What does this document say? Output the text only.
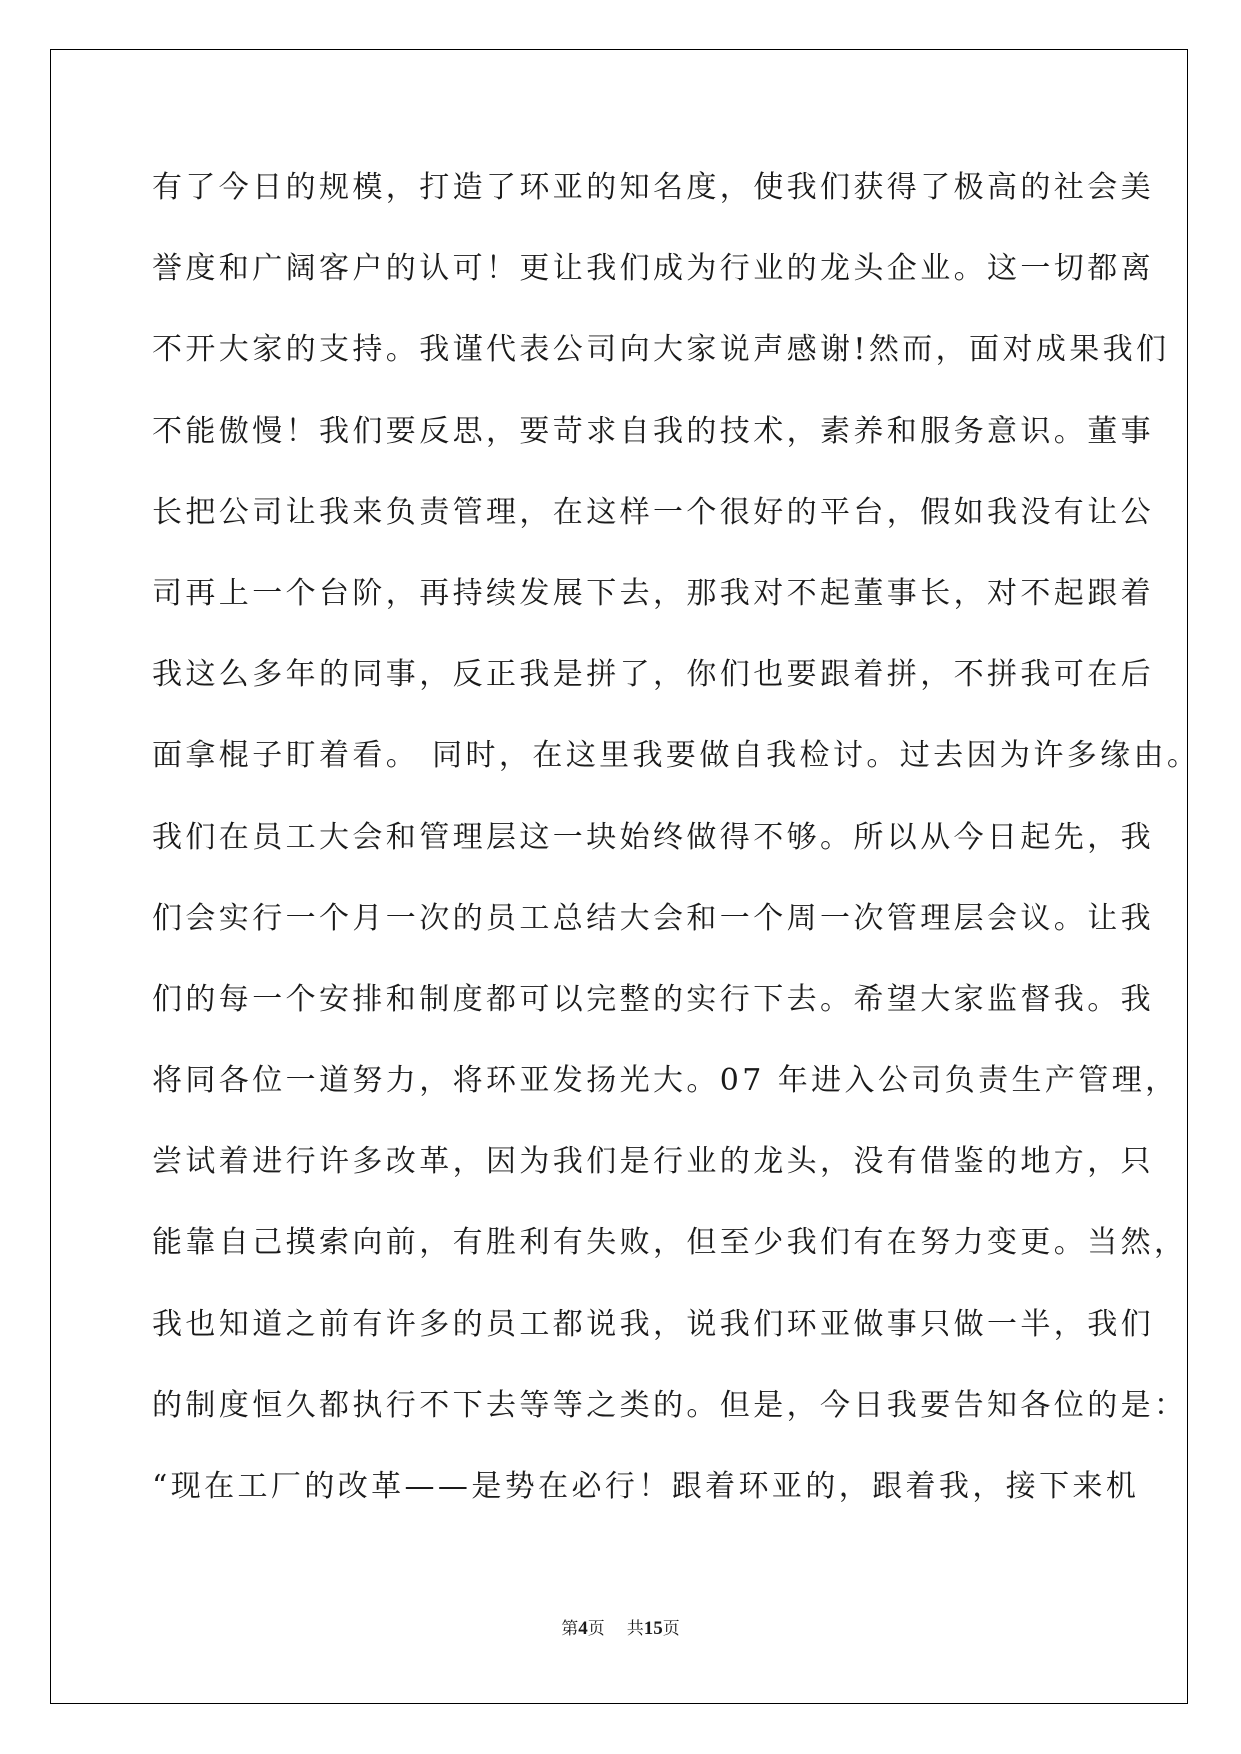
有了今日的规模，打造了环亚的知名度，使我们获得了极高的社会美
誉度和广阔客户的认可！更让我们成为行业的龙头企业。这一切都离
不开大家的支持。我谨代表公司向大家说声感谢!然而，面对成果我们
不能傲慢！我们要反思，要苛求自我的技术，素养和服务意识。董事
长把公司让我来负责管理，在这样一个很好的平台，假如我没有让公
司再上一个台阶，再持续发展下去，那我对不起董事长，对不起跟着
我这么多年的同事，反正我是拼了，你们也要跟着拼，不拼我可在后
面拿棍子盯着看。 同时，在这里我要做自我检讨。过去因为许多缘由。
我们在员工大会和管理层这一块始终做得不够。所以从今日起先，我
们会实行一个月一次的员工总结大会和一个周一次管理层会议。让我
们的每一个安排和制度都可以完整的实行下去。希望大家监督我。我
将同各位一道努力，将环亚发扬光大。07 年进入公司负责生产管理，
尝试着进行许多改革，因为我们是行业的龙头，没有借鉴的地方，只
能靠自己摸索向前，有胜利有失败，但至少我们有在努力变更。当然，
我也知道之前有许多的员工都说我，说我们环亚做事只做一半，我们
的制度恒久都执行不下去等等之类的。但是，今日我要告知各位的是：
“现在工厂的改革——是势在必行！跟着环亚的，跟着我，接下来机
第4页 共15页
